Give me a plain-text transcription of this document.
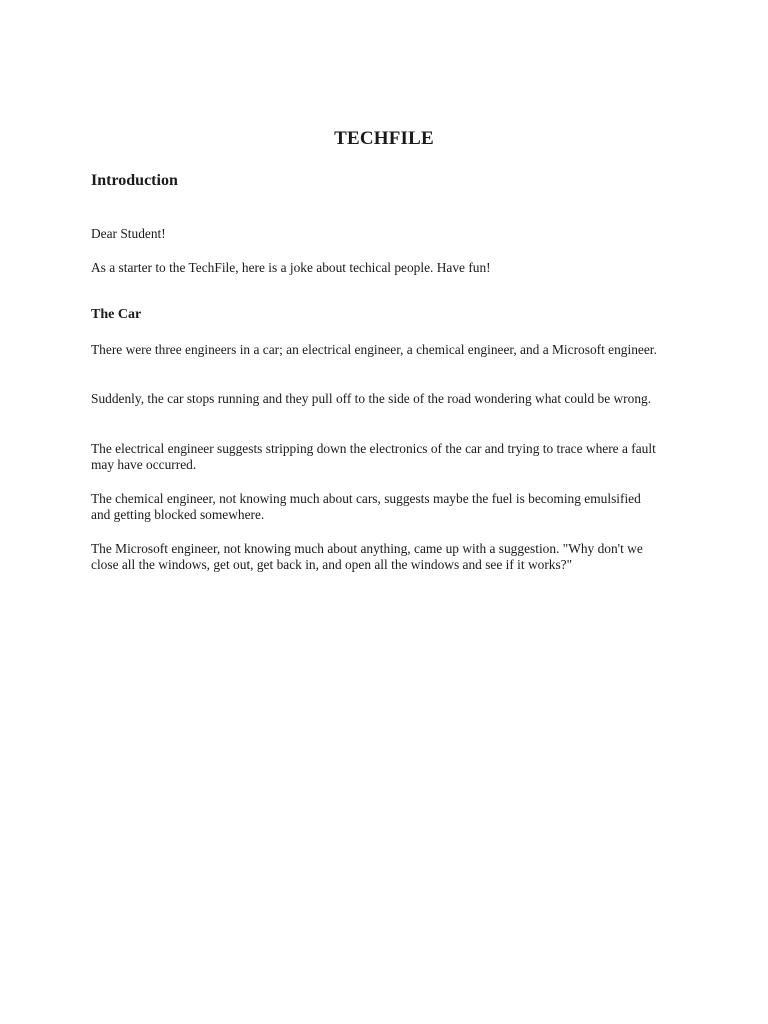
TECHFILE
Introduction

Dear Student!

As a starter to the TechFile, here is a joke about techical people. Have fun!

The Car

There were three engineers in a car; an electrical engineer, a chemical engineer, and a Microsoft engineer.

Suddenly, the car stops running and they pull off to the side of the road wondering what could be wrong.

The electrical engineer suggests stripping down the electronics of the car and trying to trace where a fault may have occurred.

The chemical engineer, not knowing much about cars, suggests maybe the fuel is becoming emulsified and getting blocked somewhere.

The Microsoft engineer, not knowing much about anything, came up with a suggestion. "Why don't we close all the windows, get out, get back in, and open all the windows and see if it works?"
